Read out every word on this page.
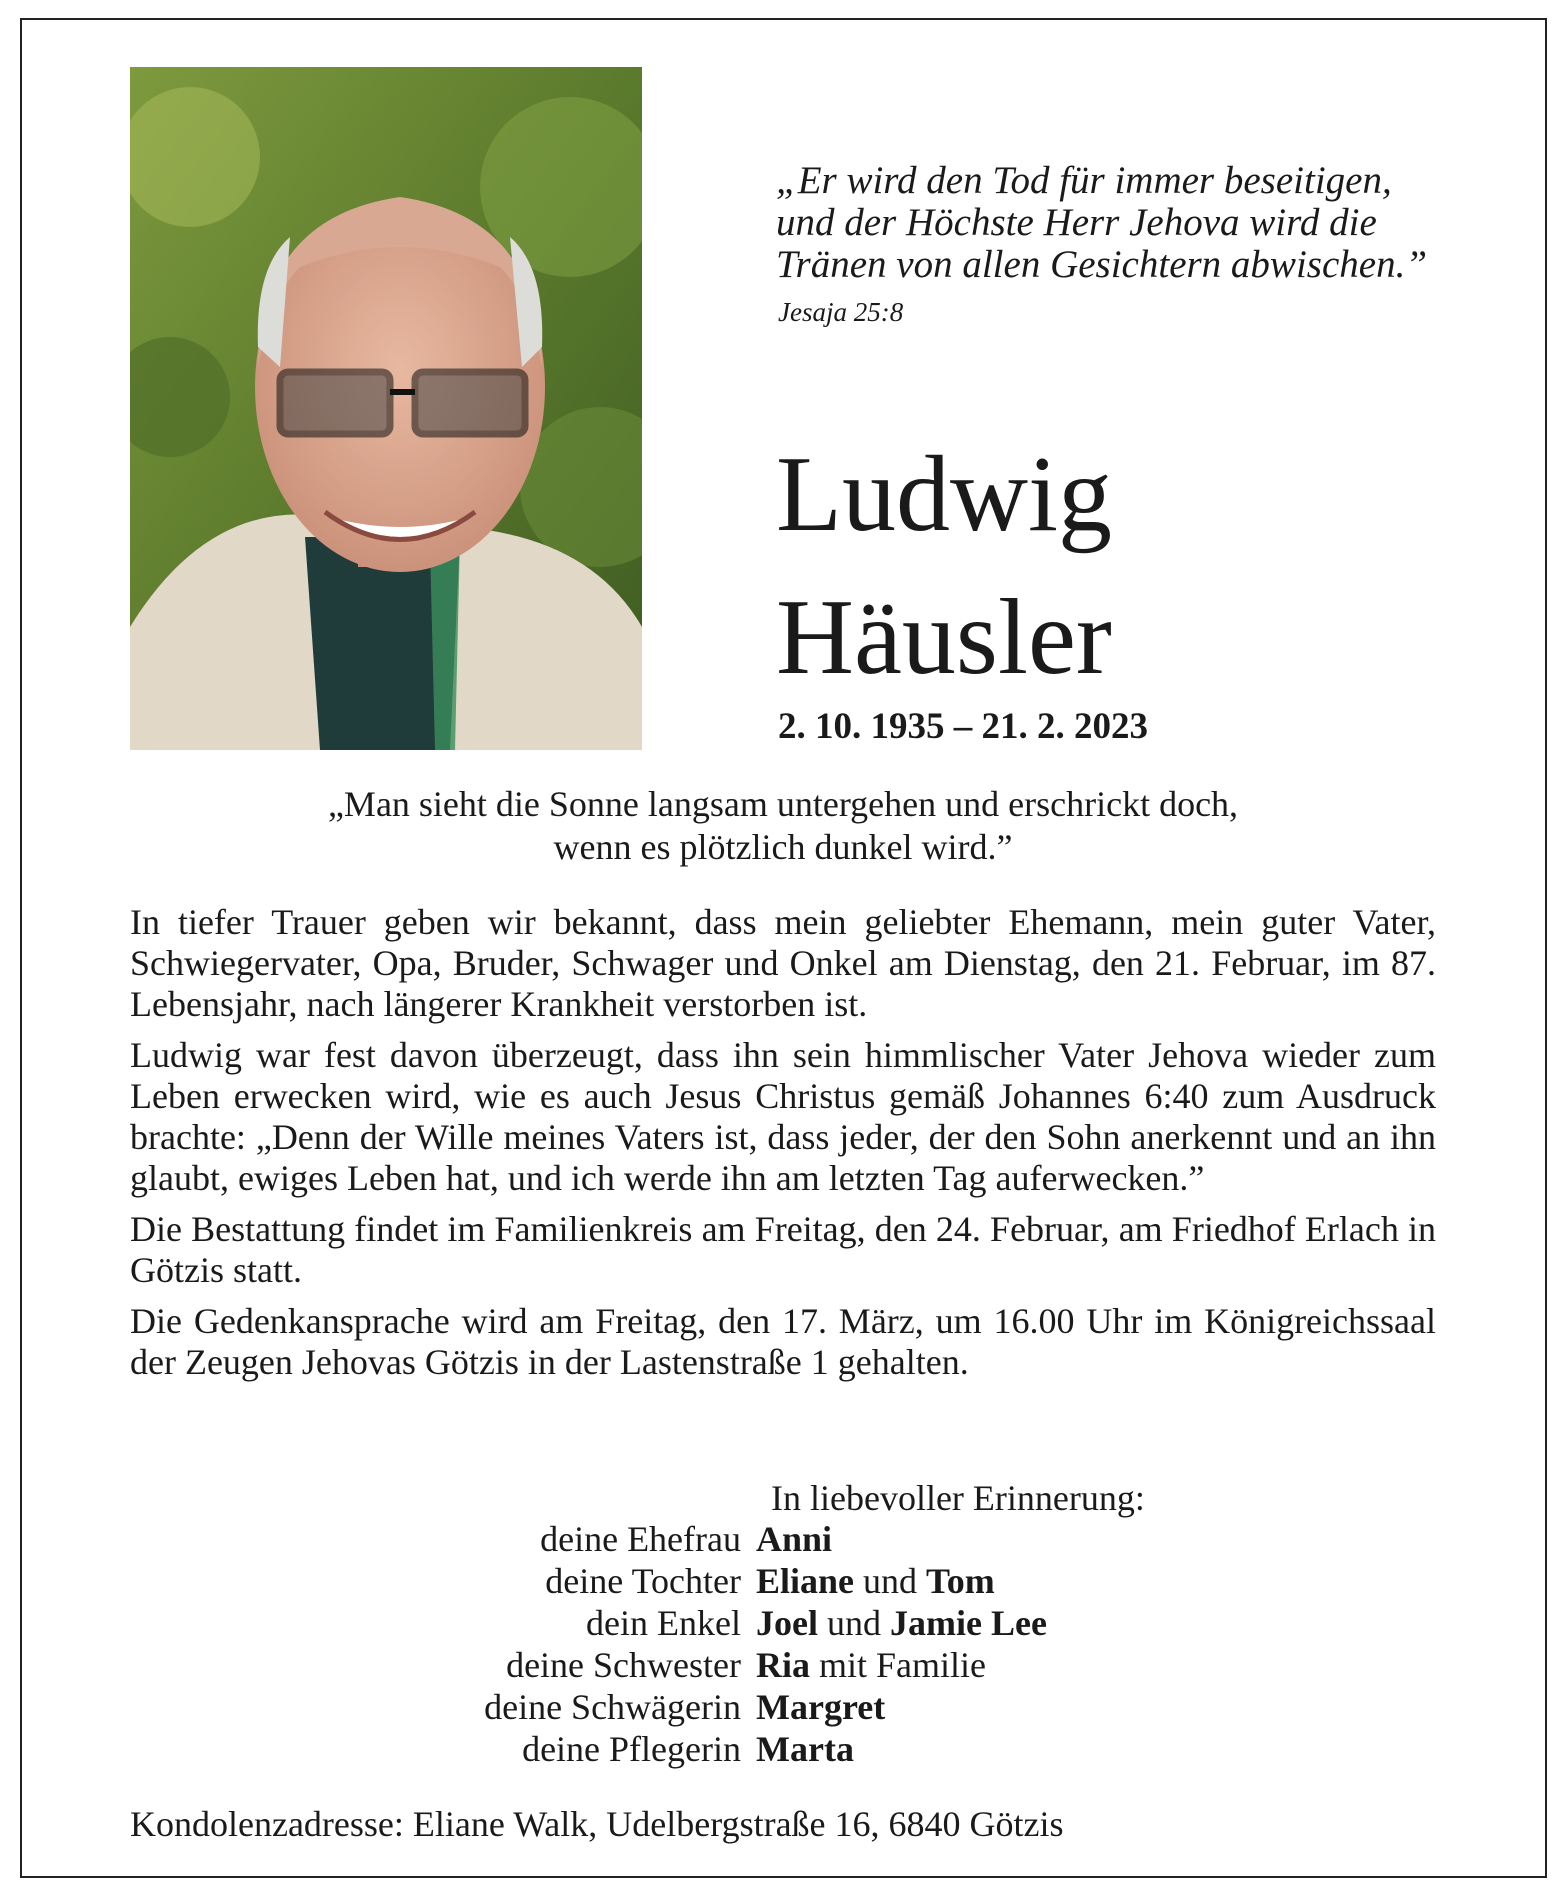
„Er wird den Tod für immer beseitigen,
und der Höchste Herr Jehova wird die
Tränen von allen Gesichtern abwischen.”
Jesaja 25:8
Ludwig
Häusler
2. 10. 1935 – 21. 2. 2023
„Man sieht die Sonne langsam untergehen und erschrickt doch,
wenn es plötzlich dunkel wird.”

In tiefer Trauer geben wir bekannt, dass mein geliebter Ehemann, mein guter Vater, Schwiegervater, Opa, Bruder, Schwager und Onkel am Dienstag, den 21. Februar, im 87. Lebensjahr, nach längerer Krankheit verstorben ist.

Ludwig war fest davon überzeugt, dass ihn sein himmlischer Vater Jehova wieder zum Leben erwecken wird, wie es auch Jesus Christus gemäß Johannes 6:40 zum Ausdruck brachte: „Denn der Wille meines Vaters ist, dass jeder, der den Sohn anerkennt und an ihn glaubt, ewiges Leben hat, und ich werde ihn am letzten Tag auferwecken.”

Die Bestattung findet im Familienkreis am Freitag, den 24. Februar, am Friedhof Erlach in Götzis statt.

Die Gedenkansprache wird am Freitag, den 17. März, um 16.00 Uhr im Königreichssaal der Zeugen Jehovas Götzis in der Lastenstraße 1 gehalten.

In liebevoller Erinnerung:
deine Ehefrau Anni
deine Tochter Eliane und Tom
dein Enkel Joel und Jamie Lee
deine Schwester Ria mit Familie
deine Schwägerin Margret
deine Pflegerin Marta
Kondolenzadresse: Eliane Walk, Udelbergstraße 16, 6840 Götzis
